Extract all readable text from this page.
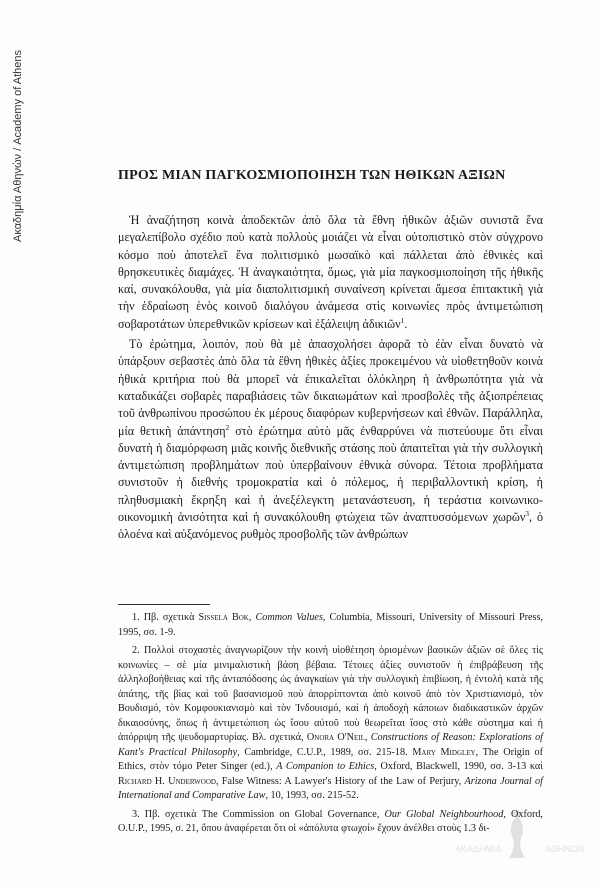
Ακαδημία Αθηνών / Academy of Athens	ΠΡΟΣ ΜΙΑΝ ΠΑΓΚΟΣΜΙΟΠΟΙΗΣΗ ΤΩΝ ΗΘΙΚΩΝ ΑΞΙΩΝ

Ἡ ἀναζήτηση κοινὰ ἀποδεκτῶν ἀπὸ ὅλα τὰ ἔθνη ἠθικῶν ἀξιῶν συνιστᾶ ἕνα μεγαλεπίβολο σχέδιο ποὺ κατὰ πολλοὺς μοιάζει νὰ εἶναι οὐτοπιστικὸ στὸν σύγχρονο κόσμο ποὺ ἀποτελεῖ ἕνα πολιτισμικὸ μωσαϊκὸ καὶ πάλλεται ἀπὸ ἐθνικὲς καὶ θρησκευτικὲς διαμάχες. Ἡ ἀναγκαιότητα, ὅμως, γιὰ μία παγκοσμιοποίηση τῆς ἠθικῆς καί, συνακόλουθα, γιὰ μία διαπολιτισμικὴ συναίνεση κρίνεται ἄμεσα ἐπιτακτικὴ γιὰ τὴν ἑδραίωση ἑνὸς κοινοῦ διαλόγου ἀνάμεσα στὶς κοινωνίες πρὸς ἀντιμετώπιση σοβαροτάτων ὑπερεθνικῶν κρίσεων καὶ ἐξάλειψη ἀδικιῶν$^1$.

Τὸ ἐρώτημα, λοιπόν, ποὺ θὰ μὲ ἀπασχολήσει ἀφορᾶ τὸ ἐὰν εἶναι δυνατὸ νὰ ὑπάρξουν σεβαστὲς ἀπὸ ὅλα τὰ ἔθνη ἠθικὲς ἀξίες προκειμένου νὰ υἱοθετηθοῦν κοινὰ ἠθικὰ κριτήρια ποὺ θὰ μπορεῖ νὰ ἐπικαλεῖται ὁλόκληρη ἡ ἀνθρωπότητα γιὰ νὰ καταδικάζει σοβαρὲς παραβιάσεις τῶν δικαιωμάτων καὶ προσβολὲς τῆς ἀξιοπρέπειας τοῦ ἀνθρωπίνου προσώπου ἐκ μέρους διαφόρων κυβερνήσεων καὶ ἐθνῶν. Παράλληλα, μία θετικὴ ἀπάντηση$^2$ στὸ ἐρώτημα αὐτὸ μᾶς ἐνθαρρύνει νὰ πιστεύουμε ὅτι εἶναι δυνατὴ ἡ διαμόρφωση μιᾶς κοινῆς διεθνικῆς στάσης ποὺ ἀπαιτεῖται γιὰ τὴν συλλογικὴ ἀντιμετώπιση προβλημάτων ποὺ ὑπερβαίνουν ἐθνικὰ σύνορα. Τέτοια προβλήματα συνιστοῦν ἡ διεθνὴς τρομοκρατία καὶ ὁ πόλεμος, ἡ περιβαλλοντικὴ κρίση, ἡ πληθυσμιακὴ ἔκρηξη καὶ ἡ ἀνεξέλεγκτη μετανάστευση, ἡ τεράστια κοινωνικο-οικονομικὴ ἀνισότητα καὶ ἡ συνακόλουθη φτώχεια τῶν ἀναπτυσσόμενων χωρῶν$^3$, ὁ ὁλοένα καὶ αὐξανόμενος ρυθμὸς προσβολῆς τῶν ἀνθρώπων

1. Πβ. σχετικὰ Sissela Bok, Common Values, Columbia, Missouri, University of Missouri Press, 1995, σσ. 1-9.

2. Πολλοὶ στοχαστὲς ἀναγνωρίζουν τὴν κοινὴ υἱοθέτηση ὁρισμένων βασικῶν ἀξιῶν σὲ ὅλες τὶς κοινωνίες – σὲ μία μινιμαλιστικὴ βάση βέβαια. Τέτοιες ἀξίες συνιστοῦν ἡ ἐπιβράβευση τῆς ἀλληλοβοήθειας καὶ τῆς ἀνταπόδοσης ὡς ἀναγκαίων γιὰ τὴν συλλογικὴ ἐπιβίωση, ἡ ἐντολὴ κατὰ τῆς ἀπάτης, τῆς βίας καὶ τοῦ βασανισμοῦ ποὺ ἀπορρίπτονται ἀπὸ κοινοῦ ἀπὸ τὸν Χριστιανισμό, τὸν Βουδισμό, τὸν Κομφουκιανισμὸ καὶ τὸν Ἰνδουισμό, καὶ ἡ ἀποδοχὴ κάποιων διαδικαστικῶν ἀρχῶν δικαιοσύνης, ὅπως ἡ ἀντιμετώπιση ὡς ἴσου αὐτοῦ ποὺ θεωρεῖται ἴσος στὸ κάθε σύστημα καὶ ἡ ἀπόρριψη τῆς ψευδομαρτυρίας. Βλ. σχετικά, Onora O'Neil, Constructions of Reason: Explorations of Kant's Practical Philosophy, Cambridge, C.U.P., 1989, σσ. 215-18. Mary Midgley, The Origin of Ethics, στὸν τόμο Peter Singer (ed.), A Companion to Ethics, Oxford, Blackwell, 1990, σσ. 3-13 καὶ Richard H. Underwood, False Witness: A Lawyer's History of the Law of Perjury, Arizona Journal of International and Comparative Law, 10, 1993, σσ. 215-52.

3. Πβ. σχετικὰ The Commission on Global Governance, Our Global Neighbourhood, Oxford, O.U.P., 1995, σ. 21, ὅπου ἀναφέρεται ὅτι οἱ «ἀπόλυτα φτωχοί» ἔχουν ἀνέλθει στοὺς 1.3 δι-

ΑΚΑΔΗΜΙΑ	ΑΘΗΝΩΝ
